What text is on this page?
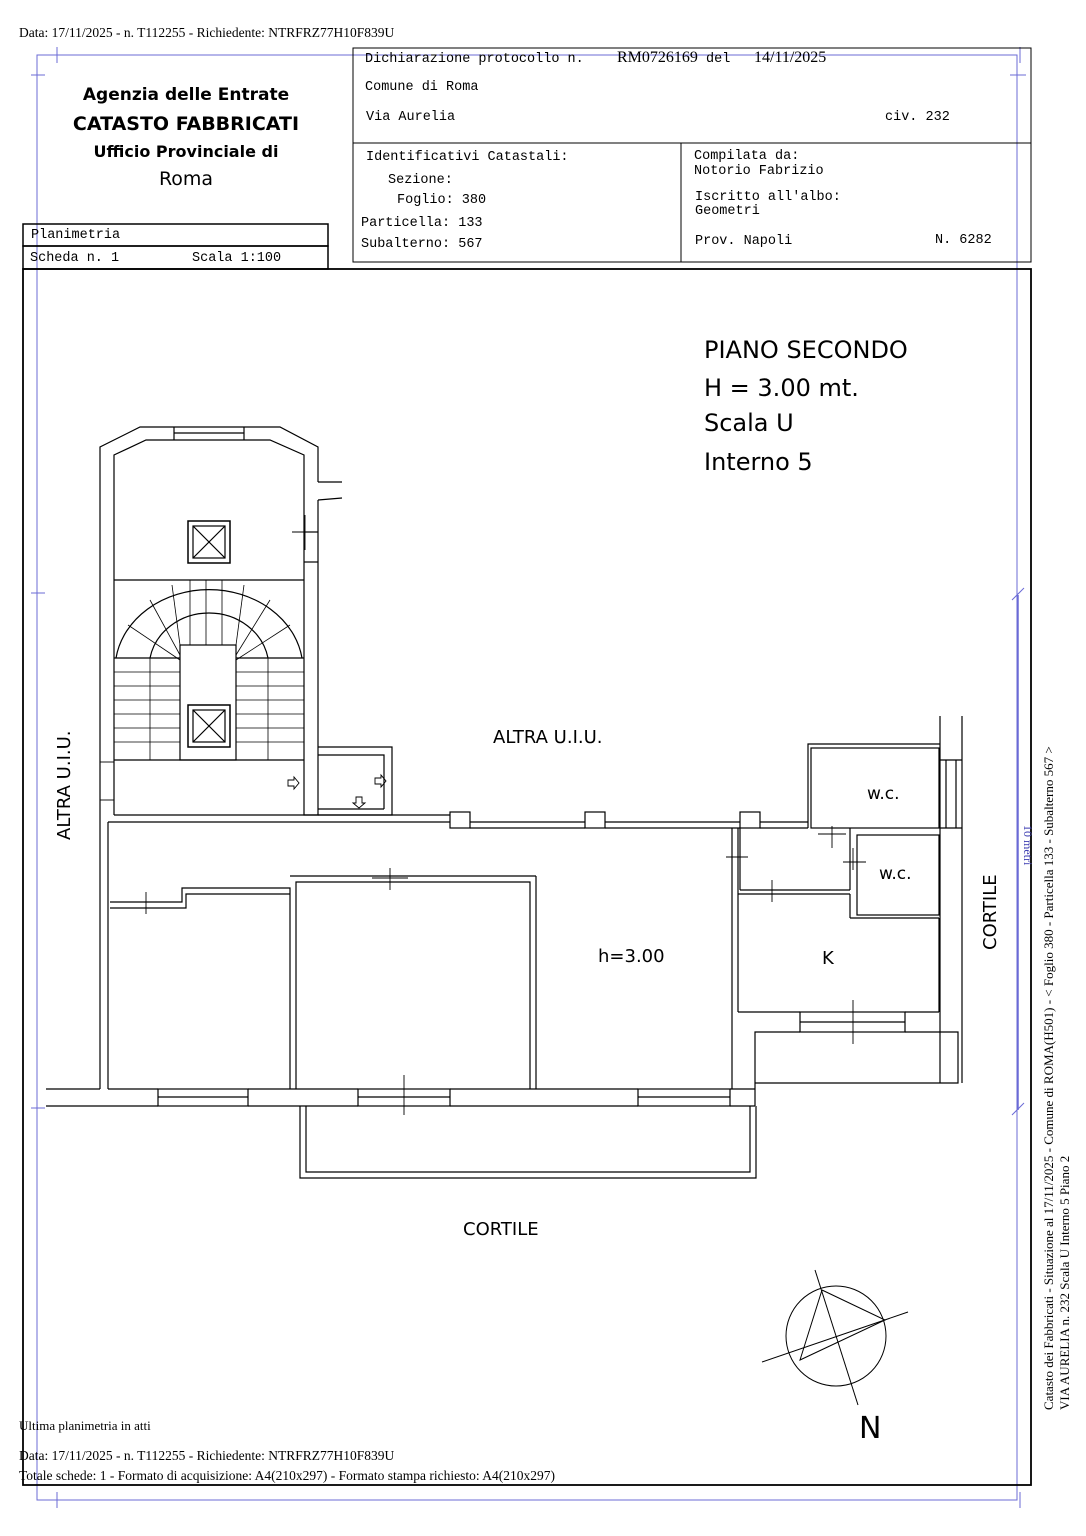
Data: 17/11/2025 - n. T112255 - Richiedente: NTRFRZ77H10F839U
Agenzia delle Entrate
CATASTO FABBRICATI
Ufficio Provinciale di
Roma
Dichiarazione protocollo n. RM0726169 del 14/11/2025
Comune di Roma
Via Aurelia	civ. 232
Identificativi Catastali:
Sezione:
Foglio: 380
Particella: 133
Subalterno: 567
Compilata da:
Notorio Fabrizio
Iscritto all'albo:
Geometri
Prov. Napoli	N. 6282
Planimetria
Scheda n. 1	Scala 1:100
PIANO SECONDO
H = 3.00 mt.
Scala U
Interno 5
ALTRA U.I.U.
ALTRA U.I.U.	w.c.
w.c.
h=3.00	K
CORTILE
CORTILE
N
10 metri Catasto dei Fabbricati - Situazione al 17/11/2025 - Comune di ROMA(H501) - < Foglio 380 - Particella 133 - Subalterno 567 > VIA AURELIA n. 232 Scala U Interno 5 Piano 2
Ultima planimetria in atti
Data: 17/11/2025 - n. T112255 - Richiedente: NTRFRZ77H10F839U
Totale schede: 1 - Formato di acquisizione: A4(210x297) - Formato stampa richiesto: A4(210x297)
